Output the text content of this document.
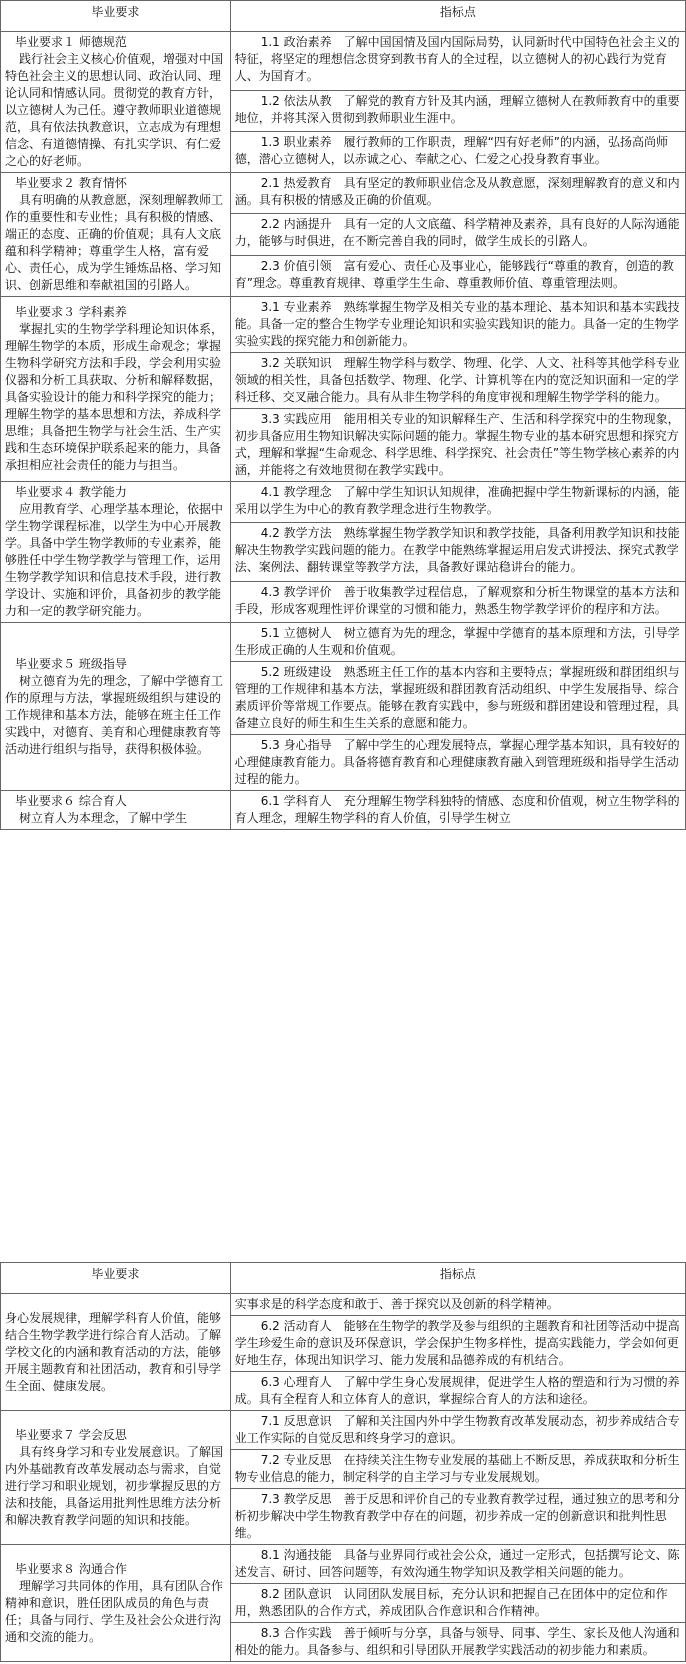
毕业要求	指标点

毕业要求１ 师德规范
践行社会主义核心价值观，增强对中国特色社会主义的思想认同、政治认同、理论认同和情感认同。贯彻党的教育方针，以立德树人为己任。遵守教师职业道德规范，具有依法执教意识，立志成为有理想信念、有道德情操、有扎实学识、有仁爱之心的好老师。	1.1 政治素养　了解中国国情及国内国际局势，认同新时代中国特色社会主义的特征，将坚定的理想信念贯穿到教书育人的全过程，以立德树人的初心践行为党育人、为国育才。

	1.2 依法从教　了解党的教育方针及其内涵，理解立德树人在教师教育中的重要地位，并将其深入贯彻到教师职业生涯中。

	1.3 职业素养　履行教师的工作职责，理解“四有好老师”的内涵，弘扬高尚师德，潜心立德树人，以赤诚之心、奉献之心、仁爱之心投身教育事业。

毕业要求２ 教育情怀
具有明确的从教意愿，深刻理解教师工作的重要性和专业性；具有积极的情感、端正的态度、正确的价值观；具有人文底蕴和科学精神；尊重学生人格，富有爱心、责任心，成为学生锤炼品格、学习知识、创新思维和奉献祖国的引路人。	2.1 热爱教育　具有坚定的教师职业信念及从教意愿，深刻理解教育的意义和内涵。具有积极的情感及正确的价值观。

	2.2 内涵提升　具有一定的人文底蕴、科学精神及素养，具有良好的人际沟通能力，能够与时俱进，在不断完善自我的同时，做学生成长的引路人。

	2.3 价值引领　富有爱心、责任心及事业心，能够践行“尊重的教育，创造的教育”理念。尊重教育规律、尊重学生生命、尊重教师价值、尊重管理法则。

毕业要求３ 学科素养
掌握扎实的生物学学科理论知识体系，理解生物学的本质，形成生命观念；掌握生物科学研究方法和手段，学会利用实验仪器和分析工具获取、分析和解释数据，具备实验设计的能力和科学探究的能力；理解生物学的基本思想和方法，养成科学思维；具备把生物学与社会生活、生产实践和生态环境保护联系起来的能力，具备承担相应社会责任的能力与担当。	3.1 专业素养　熟练掌握生物学及相关专业的基本理论、基本知识和基本实践技能。具备一定的整合生物学专业理论知识和实验实践知识的能力。具备一定的生物学实验实践的探究能力和创新能力。

	3.2 关联知识　理解生物学科与数学、物理、化学、人文、社科等其他学科专业领域的相关性，具备包括数学、物理、化学、计算机等在内的宽泛知识面和一定的学科迁移、交叉融合能力。具有从非生物学科的角度审视和理解生物学学科的能力。

	3.3 实践应用　能用相关专业的知识解释生产、生活和科学探究中的生物现象，初步具备应用生物知识解决实际问题的能力。掌握生物专业的基本研究思想和探究方式，理解和掌握“生命观念、科学思维、科学探究、社会责任”等生物学核心素养的内涵，并能将之有效地贯彻在教学实践中。

毕业要求４ 教学能力
应用教育学、心理学基本理论，依据中学生物学课程标准，以学生为中心开展教学。具备中学生物学教师的专业素养，能够胜任中学生物学教学与管理工作，运用生物学教学知识和信息技术手段，进行教学设计、实施和评价，具备初步的教学能力和一定的教学研究能力。	4.1 教学理念　了解中学生知识认知规律，准确把握中学生物新课标的内涵，能采用以学生为中心的教育教学理念进行生物教学。

	4.2 教学方法　熟练掌握生物学教学知识和教学技能，具备利用教学知识和技能解决生物教学实践问题的能力。在教学中能熟练掌握运用启发式讲授法、探究式教学法、案例法、翻转课堂等教学方法，具备教好课站稳讲台的能力。

	4.3 教学评价　善于收集教学过程信息，了解观察和分析生物课堂的基本方法和手段，形成客观理性评价课堂的习惯和能力，熟悉生物学教学评价的程序和方法。

毕业要求５ 班级指导
树立德育为先的理念，了解中学德育工作的原理与方法，掌握班级组织与建设的工作规律和基本方法，能够在班主任工作实践中，对德育、美育和心理健康教育等活动进行组织与指导，获得积极体验。	5.1 立德树人　树立德育为先的理念，掌握中学德育的基本原理和方法，引导学生形成正确的人生观和价值观。

	5.2 班级建设　熟悉班主任工作的基本内容和主要特点；掌握班级和群团组织与管理的工作规律和基本方法，掌握班级和群团教育活动组织、中学生发展指导、综合素质评价等常规工作要点。能够在教育实践中，参与班级和群团建设和管理过程，具备建立良好的师生和生生关系的意愿和能力。

	5.3 身心指导　了解中学生的心理发展特点，掌握心理学基本知识，具有较好的心理健康教育能力。具备将德育教育和心理健康教育融入到管理班级和指导学生活动过程的能力。

毕业要求６ 综合育人
树立育人为本理念，了解中学生	6.1 学科育人　充分理解生物学科独特的情感、态度和价值观，树立生物学科的育人理念，理解生物学科的育人价值，引导学生树立
毕业要求	指标点

身心发展规律，理解学科育人价值，能够结合生物学教学进行综合育人活动。了解学校文化的内涵和教育活动的方法，能够开展主题教育和社团活动，教育和引导学生全面、健康发展。	实事求是的科学态度和敢于、善于探究以及创新的科学精神。

	6.2 活动育人　能够在生物学的教学及参与组织的主题教育和社团等活动中提高学生珍爱生命的意识及环保意识，学会保护生物多样性，提高实践能力，学会如何更好地生存，体现出知识学习、能力发展和品德养成的有机结合。

	6.3 心理育人　了解中学生身心发展规律，促进学生人格的塑造和行为习惯的养成。具有全程育人和立体育人的意识，掌握综合育人的方法和途径。

毕业要求７ 学会反思
具有终身学习和专业发展意识。了解国内外基础教育改革发展动态与需求，自觉进行学习和职业规划，初步掌握反思的方法和技能，具备运用批判性思维方法分析和解决教育教学问题的知识和技能。	7.1 反思意识　了解和关注国内外中学生物教育改革发展动态，初步养成结合专业工作实际的自觉反思和终身学习的意识。

	7.2 专业反思　在持续关注生物专业发展的基础上不断反思，养成获取和分析生物专业信息的能力，制定科学的自主学习与专业发展规划。

	7.3 教学反思　善于反思和评价自己的专业教育教学过程，通过独立的思考和分析初步解决中学生物教育教学中存在的问题，初步养成一定的创新意识和批判性思维。

毕业要求８ 沟通合作
理解学习共同体的作用，具有团队合作精神和意识，胜任团队成员的角色与责任；具备与同行、学生及社会公众进行沟通和交流的能力。	8.1 沟通技能　具备与业界同行或社会公众，通过一定形式，包括撰写论文、陈述发言、研讨、回答问题等，有效沟通生物学知识及教学相关问题的能力。

	8.2 团队意识　认同团队发展目标，充分认识和把握自己在团体中的定位和作用，熟悉团队的合作方式，养成团队合作意识和合作精神。

	8.3 合作实践　善于倾听与分享，具备与领导、同事、学生、家长及他人沟通和相处的能力。具备参与、组织和引导团队开展教学实践活动的初步能力和素质。
